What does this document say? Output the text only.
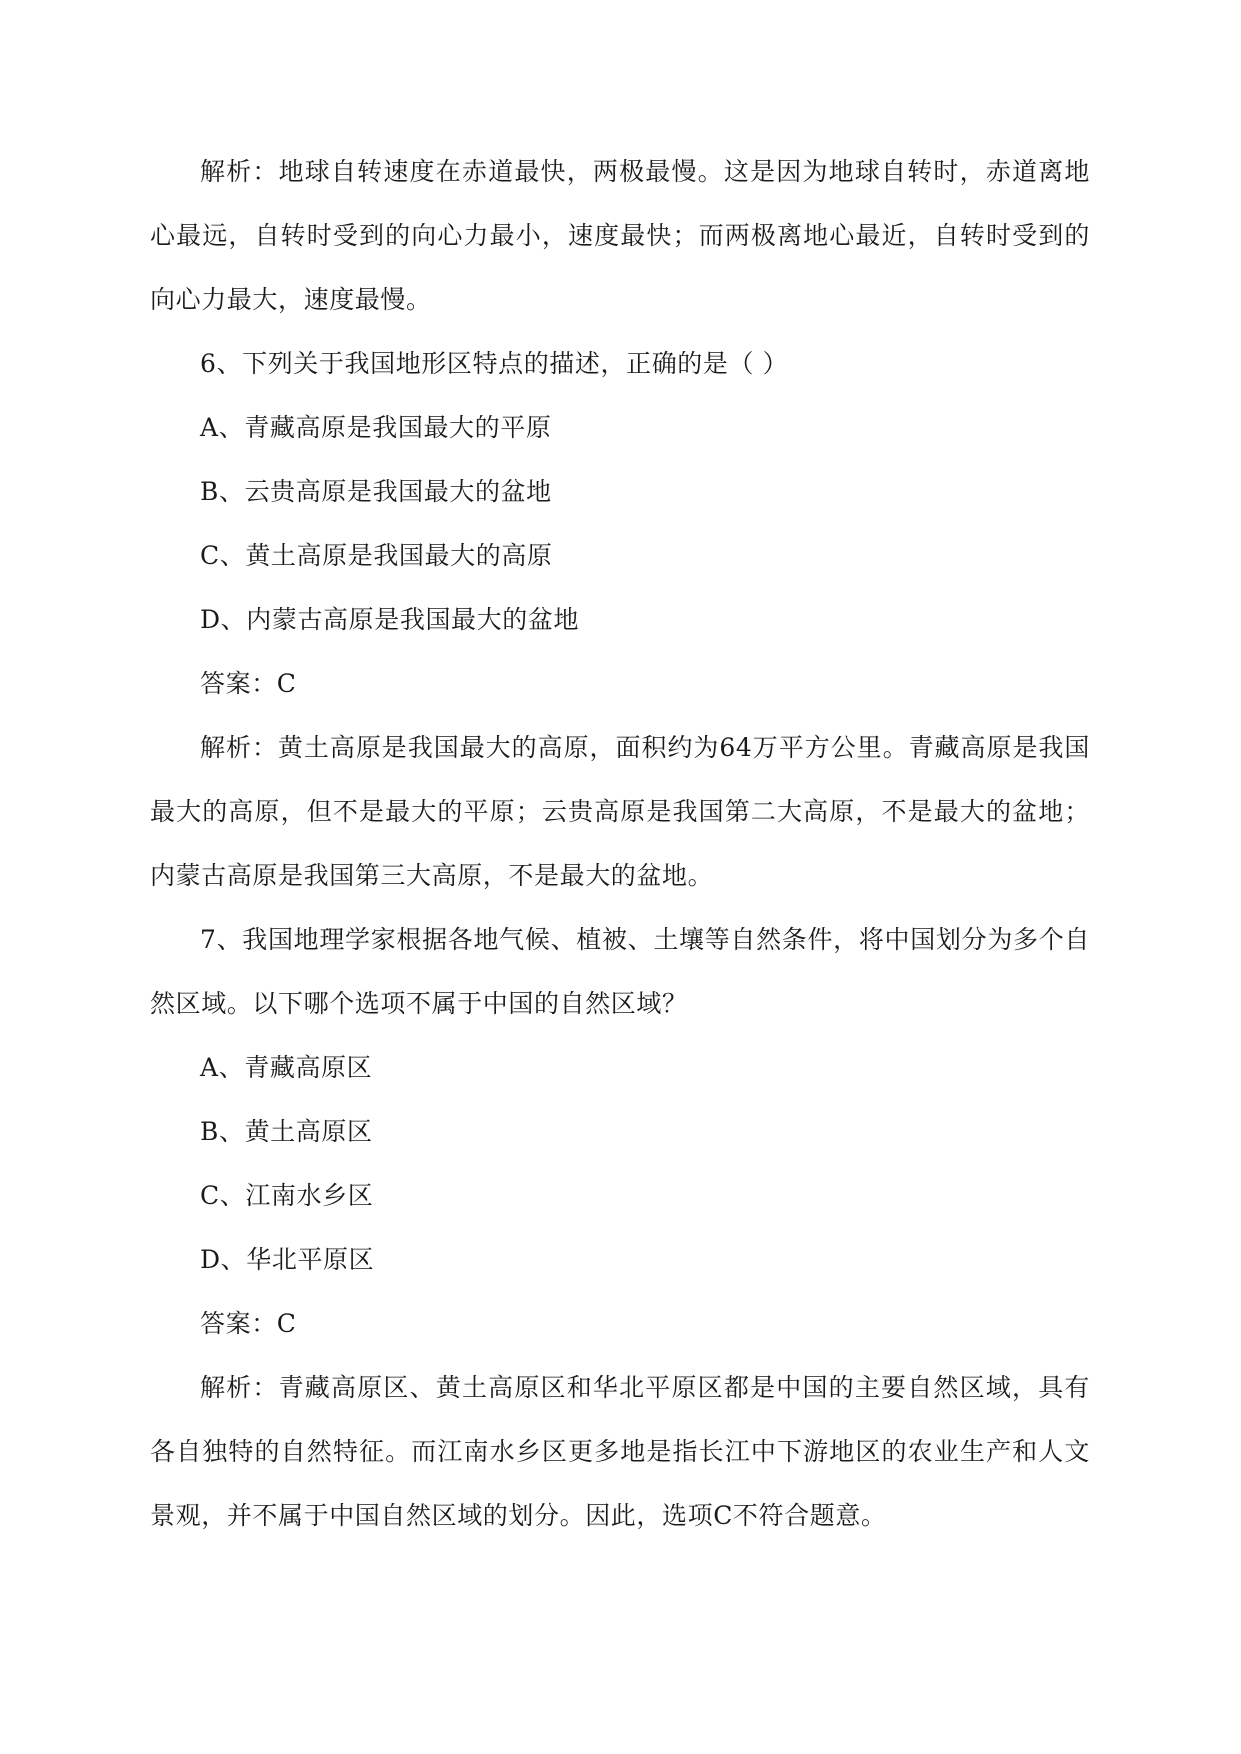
解析：地球自转速度在赤道最快，两极最慢。这是因为地球自转时，赤道离地心最远，自转时受到的向心力最小，速度最快；而两极离地心最近，自转时受到的向心力最大，速度最慢。

6、下列关于我国地形区特点的描述，正确的是（ ）

A、青藏高原是我国最大的平原

B、云贵高原是我国最大的盆地

C、黄土高原是我国最大的高原

D、内蒙古高原是我国最大的盆地

答案：C

解析：黄土高原是我国最大的高原，面积约为64万平方公里。青藏高原是我国最大的高原，但不是最大的平原；云贵高原是我国第二大高原，不是最大的盆地；内蒙古高原是我国第三大高原，不是最大的盆地。

7、我国地理学家根据各地气候、植被、土壤等自然条件，将中国划分为多个自然区域。以下哪个选项不属于中国的自然区域？

A、青藏高原区

B、黄土高原区

C、江南水乡区

D、华北平原区

答案：C

解析：青藏高原区、黄土高原区和华北平原区都是中国的主要自然区域，具有各自独特的自然特征。而江南水乡区更多地是指长江中下游地区的农业生产和人文景观，并不属于中国自然区域的划分。因此，选项C不符合题意。
